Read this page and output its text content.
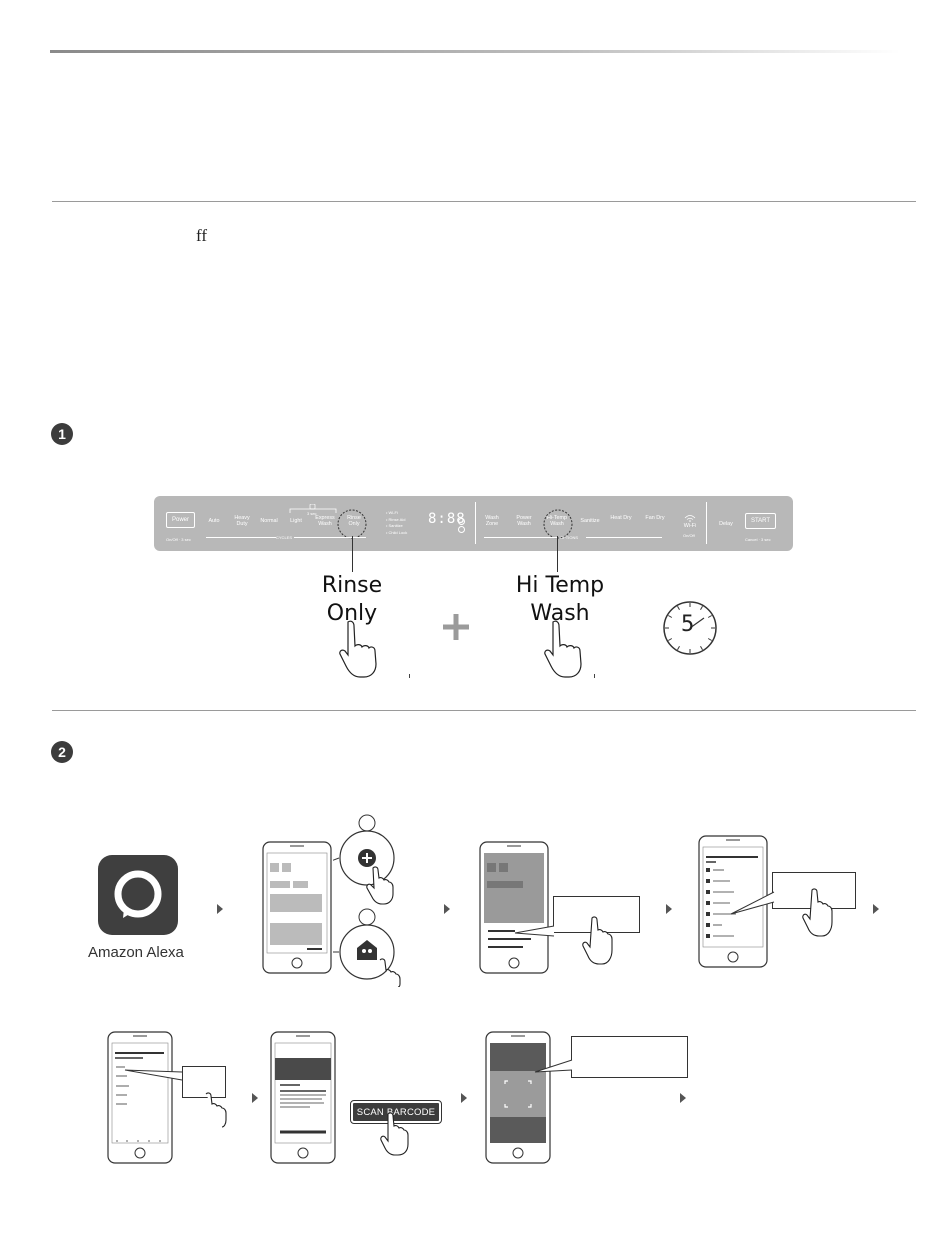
ff
1
Power
On/Off · 3 sec
Auto	Heavy Duty	Normal	Light	Express Wash
Rinse Only
3 sec
CYCLES
• Wi-Fi
• Rinse Aid
• Sanitize
• Child Lock
8:88	Wash Zone
Power Wash
Hi-Temp Wash	Sanitize	Heat Dry	Fan Dry
OPTIONS
Wi-Fi
On/Off
Delay	START
Cancel · 3 sec
Rinse
Only
Hi Temp
Wash	5
2
Amazon Alexa
SCAN BARCODE
